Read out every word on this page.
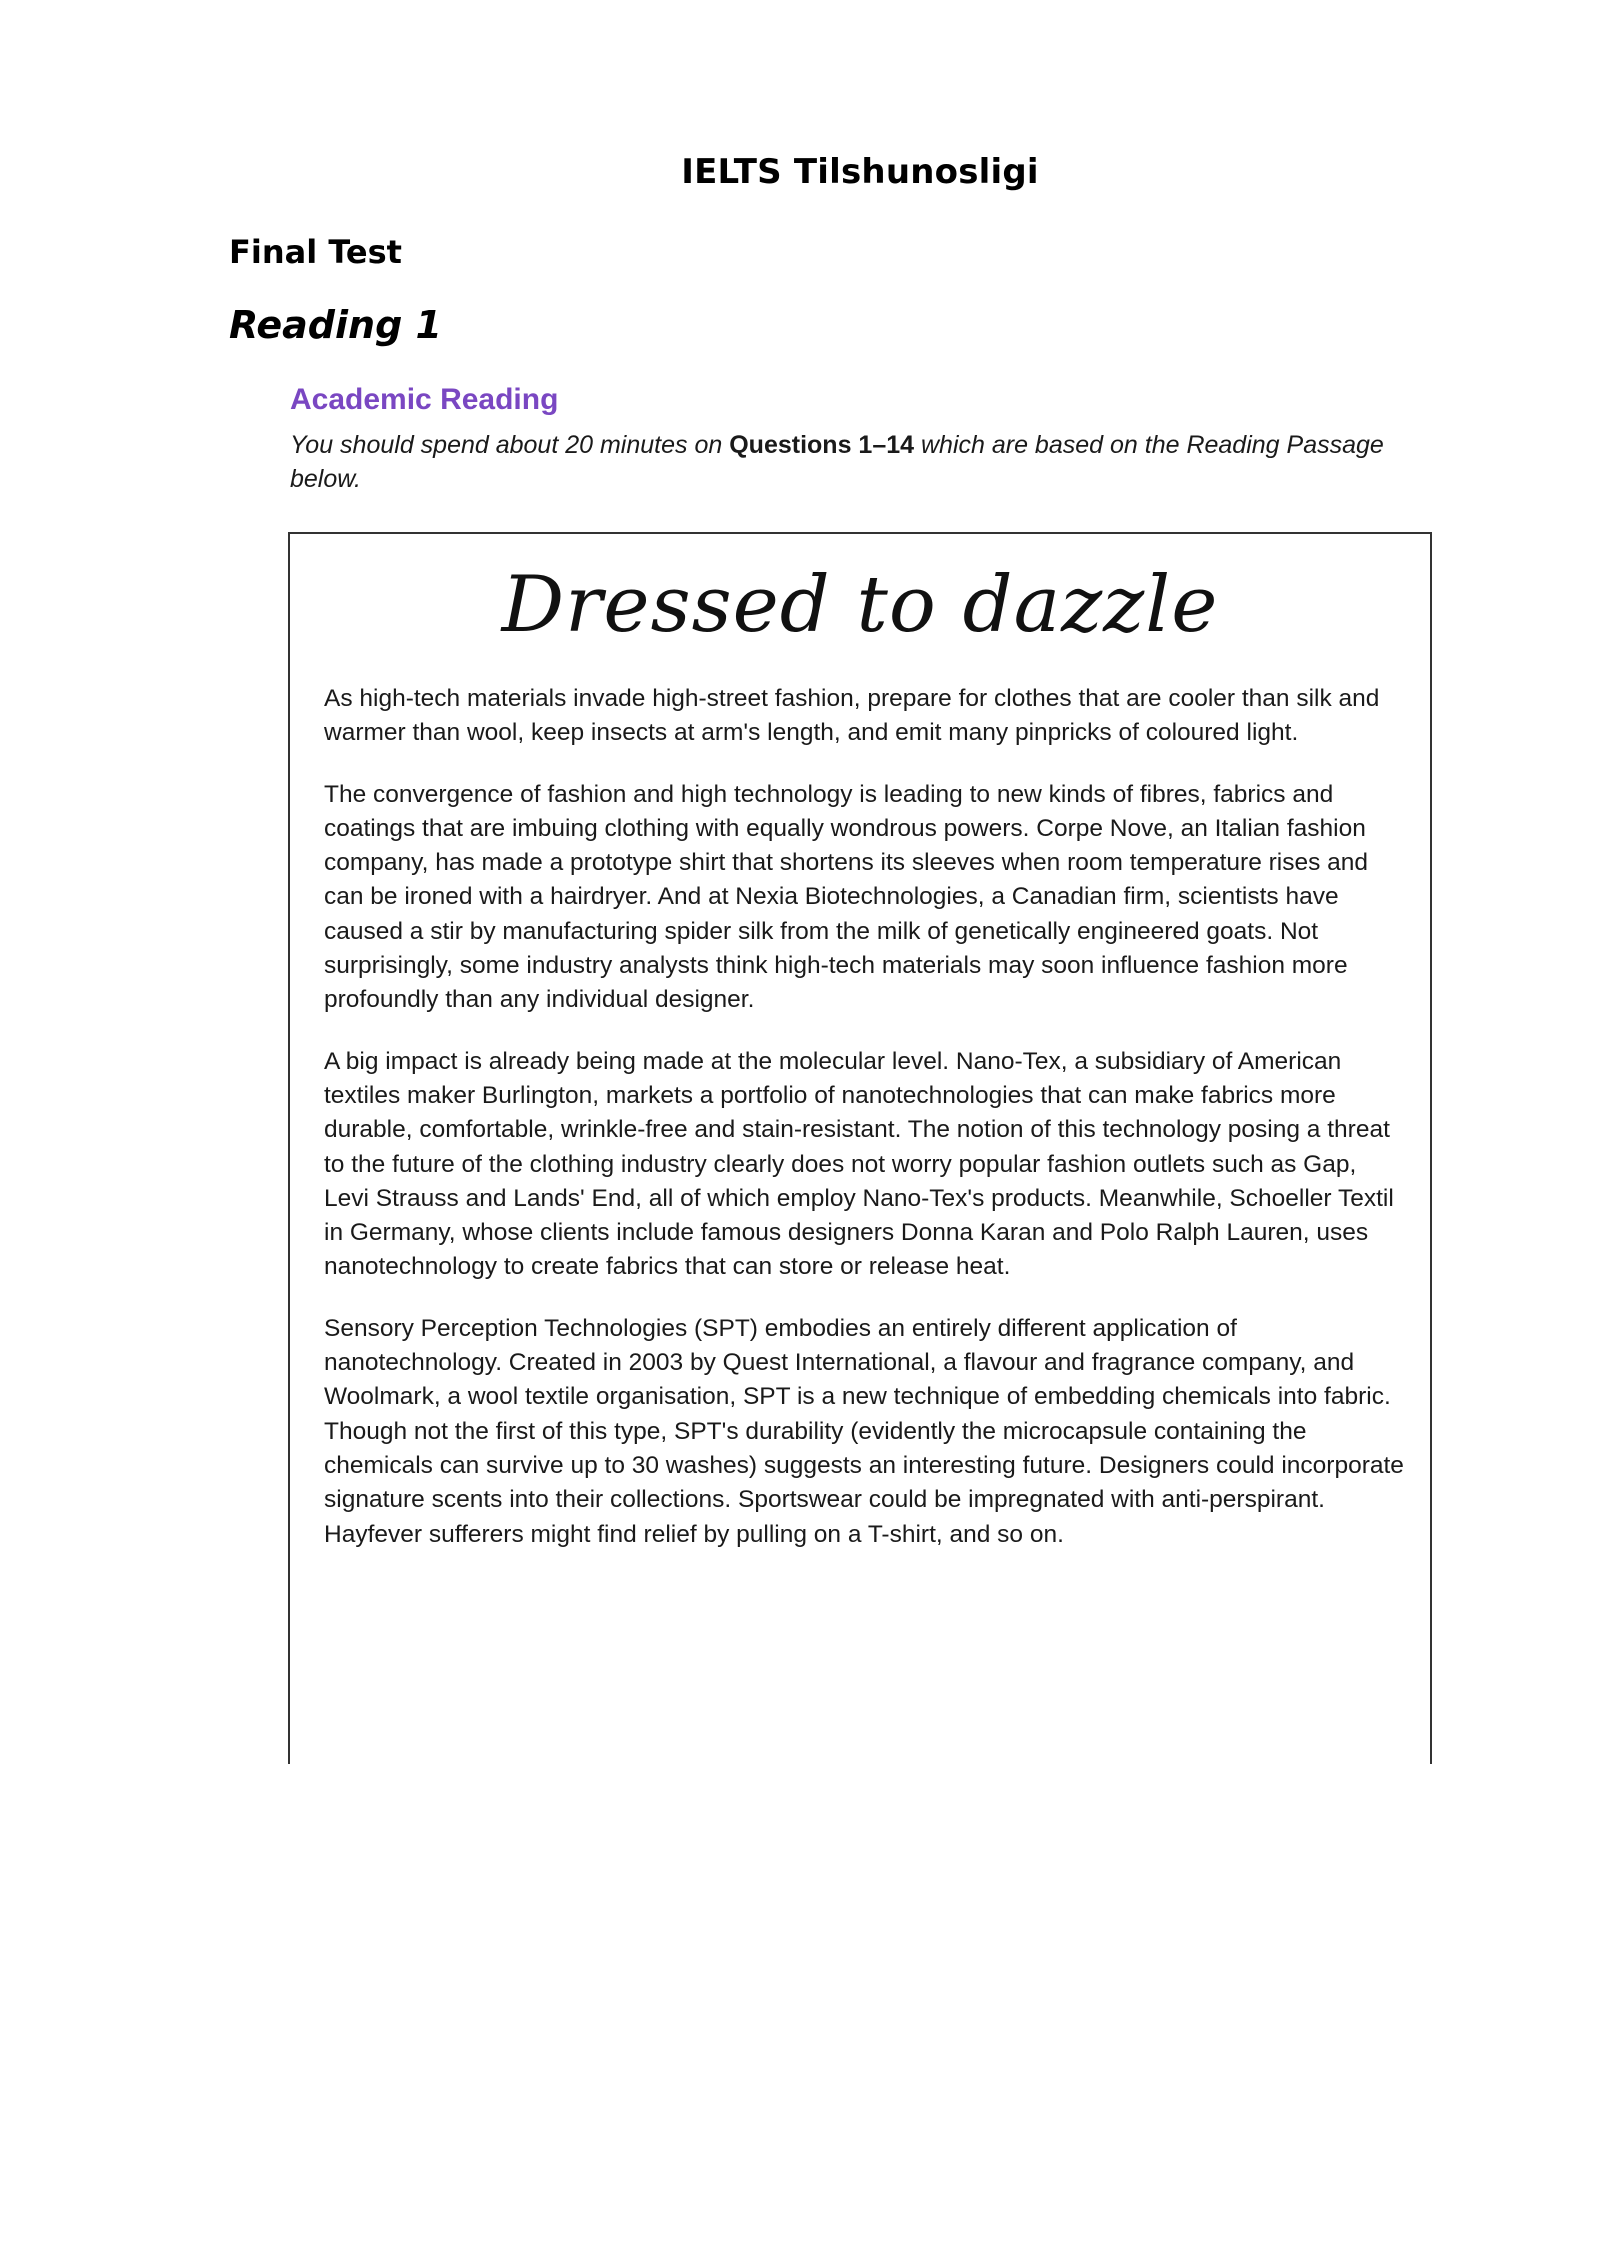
IELTS Tilshunosligi
Final Test
Reading 1
Academic Reading
You should spend about 20 minutes on Questions 1–14 which are based on the Reading Passage below.
Dressed to dazzle

As high-tech materials invade high-street fashion, prepare for clothes that are cooler than silk and warmer than wool, keep insects at arm's length, and emit many pinpricks of coloured light.

The convergence of fashion and high technology is leading to new kinds of fibres, fabrics and coatings that are imbuing clothing with equally wondrous powers. Corpe Nove, an Italian fashion company, has made a prototype shirt that shortens its sleeves when room temperature rises and can be ironed with a hairdryer. And at Nexia Biotechnologies, a Canadian firm, scientists have caused a stir by manufacturing spider silk from the milk of genetically engineered goats. Not surprisingly, some industry analysts think high-tech materials may soon influence fashion more profoundly than any individual designer.

A big impact is already being made at the molecular level. Nano-Tex, a subsidiary of American textiles maker Burlington, markets a portfolio of nanotechnologies that can make fabrics more durable, comfortable, wrinkle-free and stain-resistant. The notion of this technology posing a threat to the future of the clothing industry clearly does not worry popular fashion outlets such as Gap, Levi Strauss and Lands' End, all of which employ Nano-Tex's products. Meanwhile, Schoeller Textil in Germany, whose clients include famous designers Donna Karan and Polo Ralph Lauren, uses nanotechnology to create fabrics that can store or release heat.

Sensory Perception Technologies (SPT) embodies an entirely different application of nanotechnology. Created in 2003 by Quest International, a flavour and fragrance company, and Woolmark, a wool textile organisation, SPT is a new technique of embedding chemicals into fabric. Though not the first of this type, SPT's durability (evidently the microcapsule containing the chemicals can survive up to 30 washes) suggests an interesting future. Designers could incorporate signature scents into their collections. Sportswear could be impregnated with anti-perspirant. Hayfever sufferers might find relief by pulling on a T-shirt, and so on.
